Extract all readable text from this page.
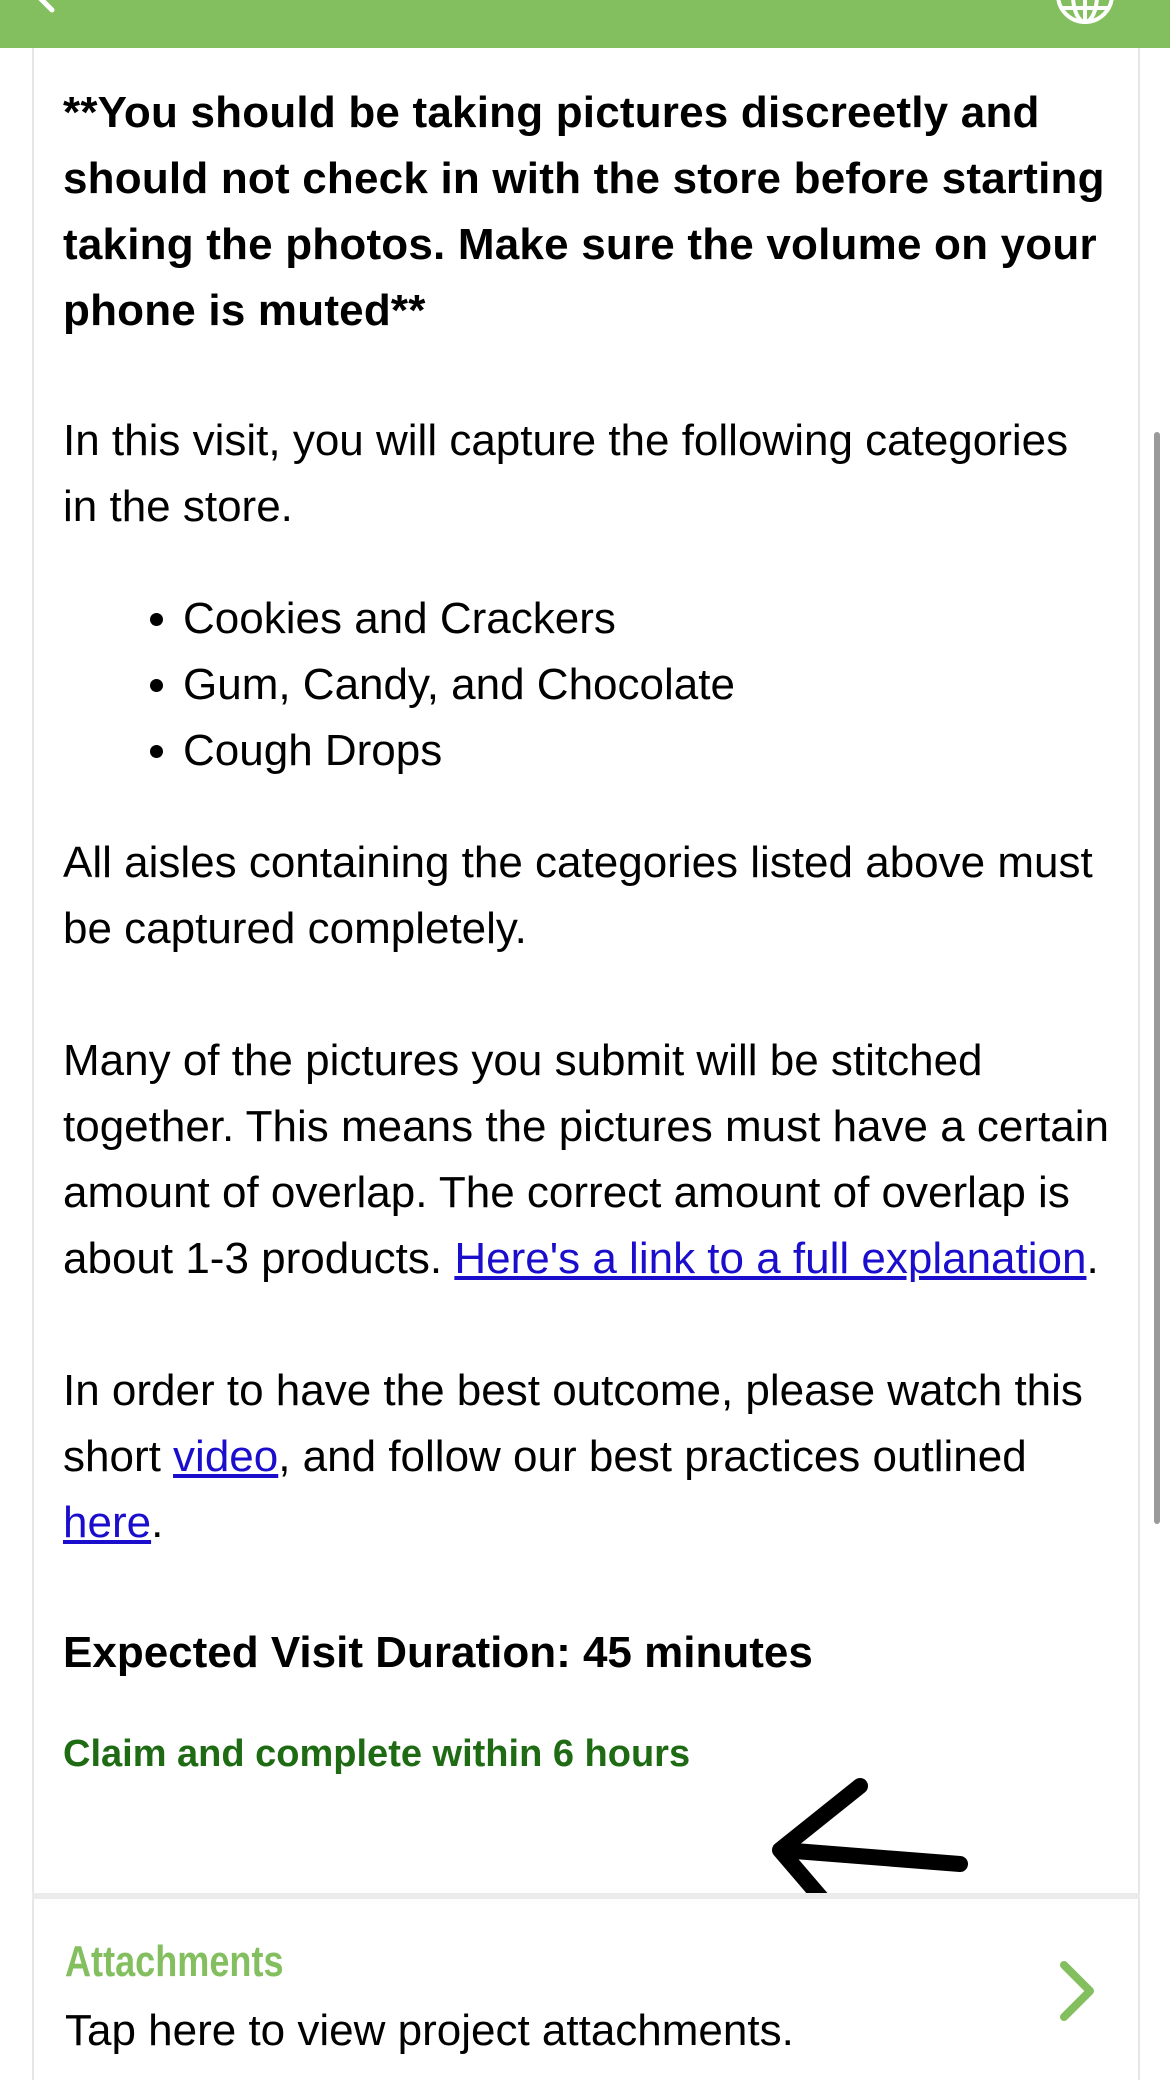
**You should be taking pictures discreetly and should not check in with the store before starting taking the photos. Make sure the volume on your phone is muted**

In this visit, you will capture the following categories in the store.

• Cookies and Crackers
• Gum, Candy, and Chocolate
• Cough Drops

All aisles containing the categories listed above must be captured completely.

Many of the pictures you submit will be stitched together. This means the pictures must have a certain amount of overlap. The correct amount of overlap is about 1-3 products. Here's a link to a full explanation.

In order to have the best outcome, please watch this short video, and follow our best practices outlined here.

Expected Visit Duration: 45 minutes

Claim and complete within 6 hours

Attachments

Tap here to view project attachments.
